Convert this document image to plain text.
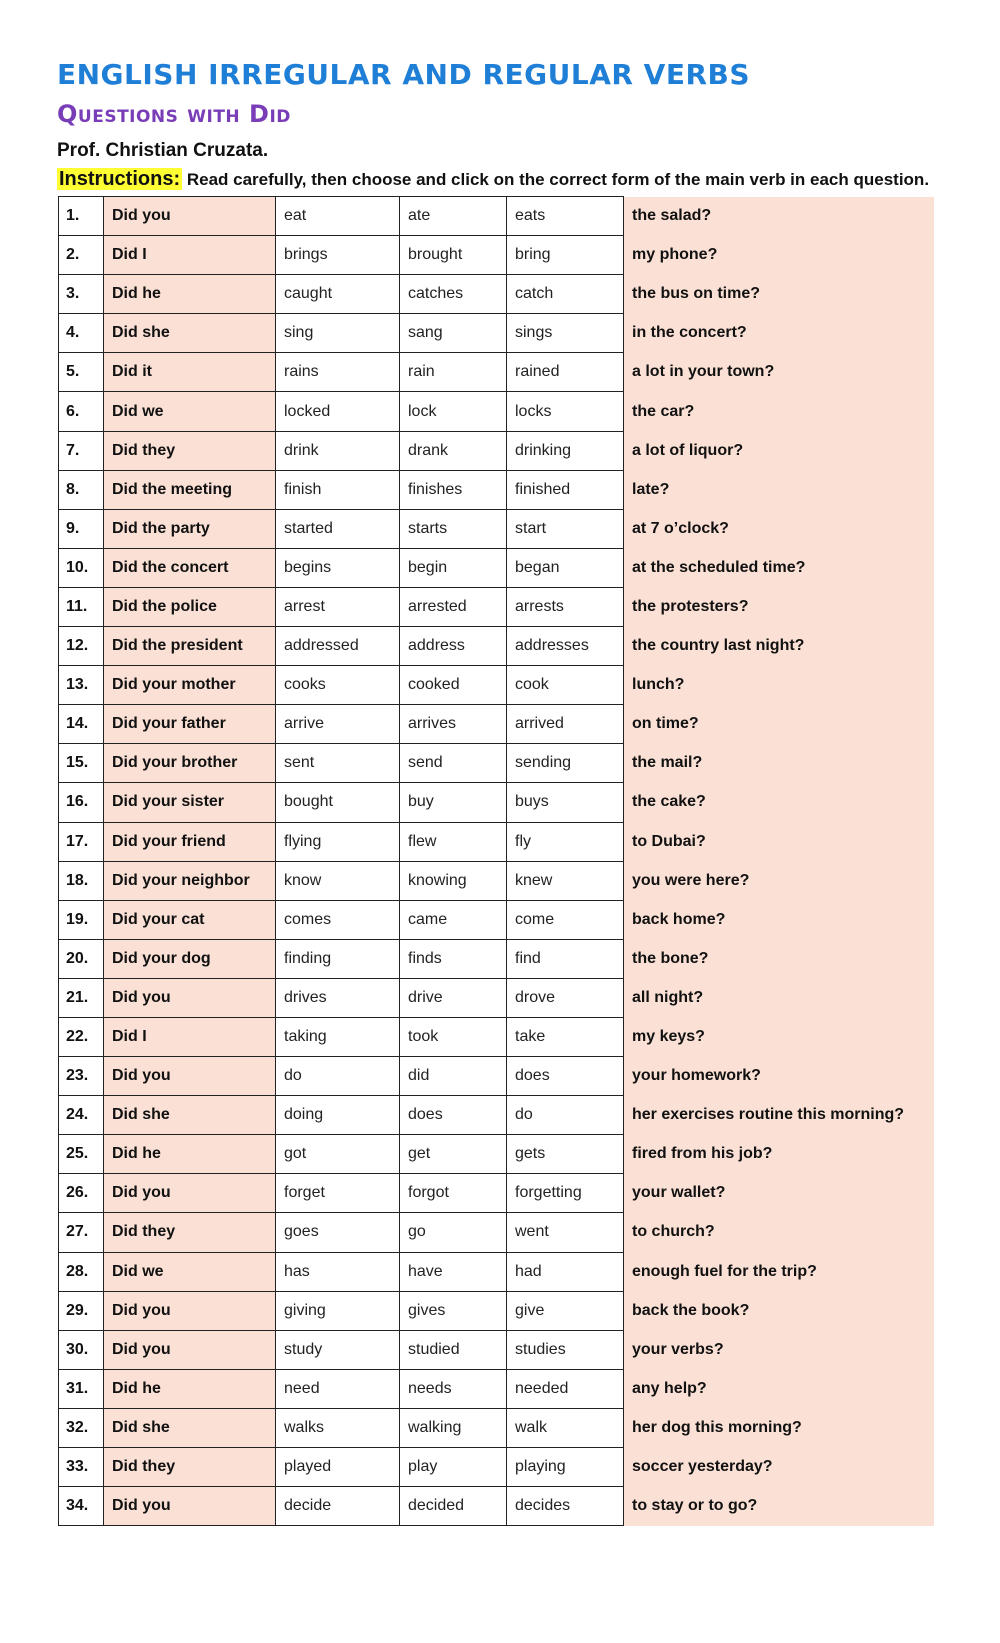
ENGLISH IRREGULAR AND REGULAR VERBS
Questions with Did

Prof. Christian Cruzata.

Instructions: Read carefully, then choose and click on the correct form of the main verb in each question.

1.	Did you	eat	ate	eats	the salad?
2.	Did I	brings	brought	bring	my phone?
3.	Did he	caught	catches	catch	the bus on time?
4.	Did she	sing	sang	sings	in the concert?
5.	Did it	rains	rain	rained	a lot in your town?
6.	Did we	locked	lock	locks	the car?
7.	Did they	drink	drank	drinking	a lot of liquor?
8.	Did the meeting	finish	finishes	finished	late?
9.	Did the party	started	starts	start	at 7 o’clock?
10.	Did the concert	begins	begin	began	at the scheduled time?
11.	Did the police	arrest	arrested	arrests	the protesters?
12.	Did the president	addressed	address	addresses	the country last night?
13.	Did your mother	cooks	cooked	cook	lunch?
14.	Did your father	arrive	arrives	arrived	on time?
15.	Did your brother	sent	send	sending	the mail?
16.	Did your sister	bought	buy	buys	the cake?
17.	Did your friend	flying	flew	fly	to Dubai?
18.	Did your neighbor	know	knowing	knew	you were here?
19.	Did your cat	comes	came	come	back home?
20.	Did your dog	finding	finds	find	the bone?
21.	Did you	drives	drive	drove	all night?
22.	Did I	taking	took	take	my keys?
23.	Did you	do	did	does	your homework?
24.	Did she	doing	does	do	her exercises routine this morning?
25.	Did he	got	get	gets	fired from his job?
26.	Did you	forget	forgot	forgetting	your wallet?
27.	Did they	goes	go	went	to church?
28.	Did we	has	have	had	enough fuel for the trip?
29.	Did you	giving	gives	give	back the book?
30.	Did you	study	studied	studies	your verbs?
31.	Did he	need	needs	needed	any help?
32.	Did she	walks	walking	walk	her dog this morning?
33.	Did they	played	play	playing	soccer yesterday?
34.	Did you	decide	decided	decides	to stay or to go?
